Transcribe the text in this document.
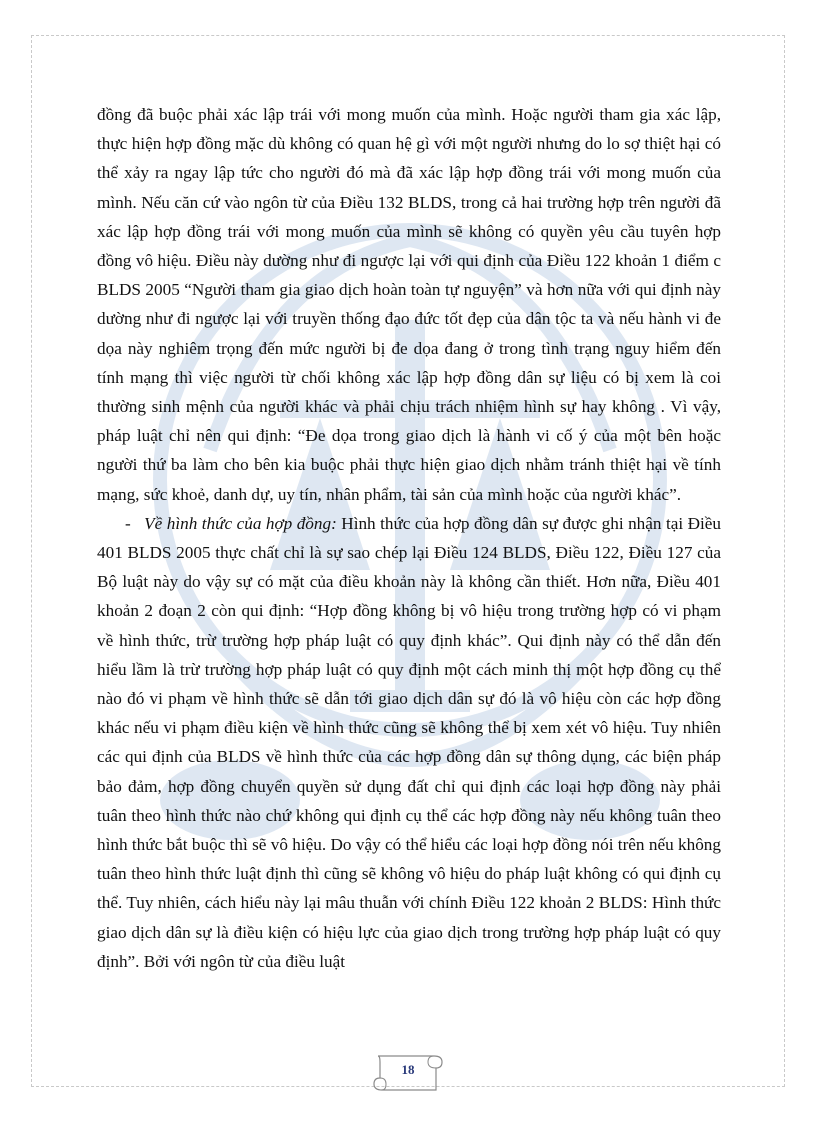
đồng đã buộc phải xác lập trái với mong muốn của mình. Hoặc người tham gia xác lập, thực hiện hợp đồng mặc dù không có quan hệ gì với một người nhưng do lo sợ thiệt hại có thể xảy ra ngay lập tức cho người đó mà đã xác lập hợp đồng trái với mong muốn của mình. Nếu căn cứ vào ngôn từ của Điều 132 BLDS, trong cả hai trường hợp trên người đã xác lập hợp đồng trái với mong muốn của mình sẽ không có quyền yêu cầu tuyên hợp đồng vô hiệu. Điều này dường như đi ngược lại với qui định của Điều 122 khoản 1 điểm c BLDS 2005 “Người tham gia giao dịch hoàn toàn tự nguyện” và hơn nữa với qui định này dường như đi ngược lại với truyền thống đạo đức tốt đẹp của dân tộc ta và nếu hành vi đe dọa này nghiêm trọng đến mức người bị đe dọa đang ở trong tình trạng nguy hiểm đến tính mạng thì việc người từ chối không xác lập hợp đồng dân sự liệu có bị xem là coi thường sinh mệnh của người khác và phải chịu trách nhiệm hình sự hay không . Vì vậy, pháp luật chỉ nên qui định: “Đe dọa trong giao dịch là hành vi cố ý của một bên hoặc người thứ ba làm cho bên kia buộc phải thực hiện giao dịch nhằm tránh thiệt hại về tính mạng, sức khoẻ, danh dự, uy tín, nhân phẩm, tài sản của mình hoặc của người khác”.

- Về hình thức của hợp đồng: Hình thức của hợp đồng dân sự được ghi nhận tại Điều 401 BLDS 2005 thực chất chỉ là sự sao chép lại Điều 124 BLDS, Điều 122, Điều 127 của Bộ luật này do vậy sự có mặt của điều khoản này là không cần thiết. Hơn nữa, Điều 401 khoản 2 đoạn 2 còn qui định: “Hợp đồng không bị vô hiệu trong trường hợp có vi phạm về hình thức, trừ trường hợp pháp luật có quy định khác”. Qui định này có thể dẫn đến hiểu lầm là trừ trường hợp pháp luật có quy định một cách minh thị một hợp đồng cụ thể nào đó vi phạm về hình thức sẽ dẫn tới giao dịch dân sự đó là vô hiệu còn các hợp đồng khác nếu vi phạm điều kiện về hình thức cũng sẽ không thể bị xem xét vô hiệu. Tuy nhiên các qui định của BLDS về hình thức của các hợp đồng dân sự thông dụng, các biện pháp bảo đảm, hợp đồng chuyển quyền sử dụng đất chỉ qui định các loại hợp đồng này phải tuân theo hình thức nào chứ không qui định cụ thể các hợp đồng này nếu không tuân theo hình thức bắt buộc thì sẽ vô hiệu. Do vậy có thể hiểu các loại hợp đồng nói trên nếu không tuân theo hình thức luật định thì cũng sẽ không vô hiệu do pháp luật không có qui định cụ thể. Tuy nhiên, cách hiểu này lại mâu thuẫn với chính Điều 122 khoản 2 BLDS: Hình thức giao dịch dân sự là điều kiện có hiệu lực của giao dịch trong trường hợp pháp luật có quy định”. Bởi với ngôn từ của điều luật

18
